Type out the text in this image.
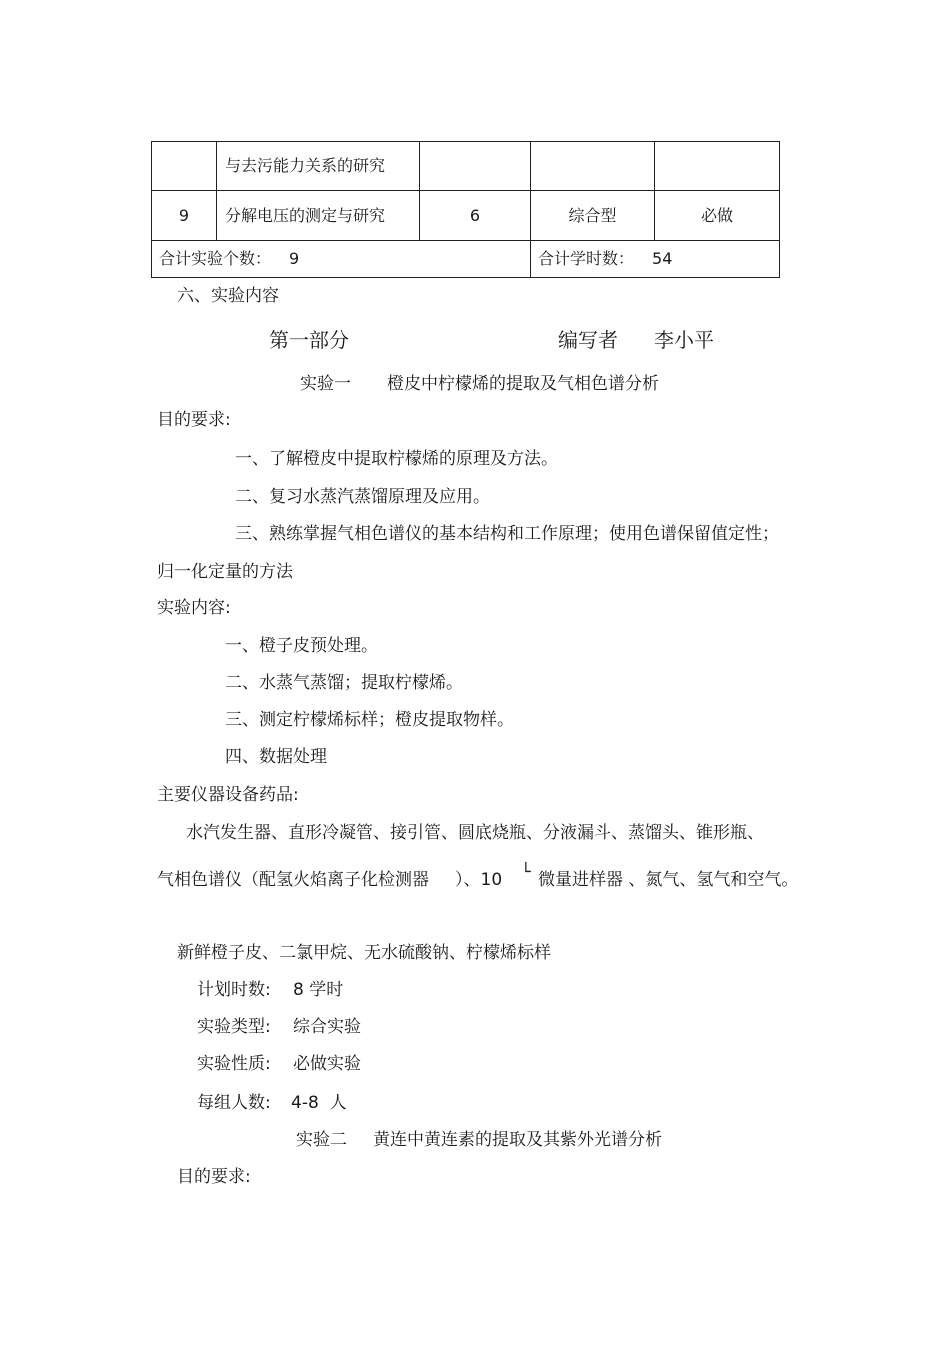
	与去污能力关系的研究			
9	分解电压的测定与研究	6	综合型	必做
合计实验个数： 9			合计学时数： 54	
六、实验内容
第一部分	编写者 李小平
实验一 橙皮中柠檬烯的提取及气相色谱分析
目的要求:
一、了解橙皮中提取柠檬烯的原理及方法。
二、复习水蒸汽蒸馏原理及应用。
三、熟练掌握气相色谱仪的基本结构和工作原理；使用色谱保留值定性；
归一化定量的方法
实验内容:
一、橙子皮预处理。
二、水蒸气蒸馏；提取柠檬烯。
三、测定柠檬烯标样；橙皮提取物样。
四、数据处理
主要仪器设备药品:
水汽发生器、直形冷凝管、接引管、圆底烧瓶、分液漏斗、蒸馏头、锥形瓶、
气相色谱仪（配氢火焰离子化检测器 ）、10 └ 微量进样器 、氮气、氢气和空气。
新鲜橙子皮、二氯甲烷、无水硫酸钠、柠檬烯标样
计划时数: 8 学时
实验类型: 综合实验
实验性质: 必做实验
每组人数: 4-8  人
实验二 黄连中黄连素的提取及其紫外光谱分析
目的要求:
